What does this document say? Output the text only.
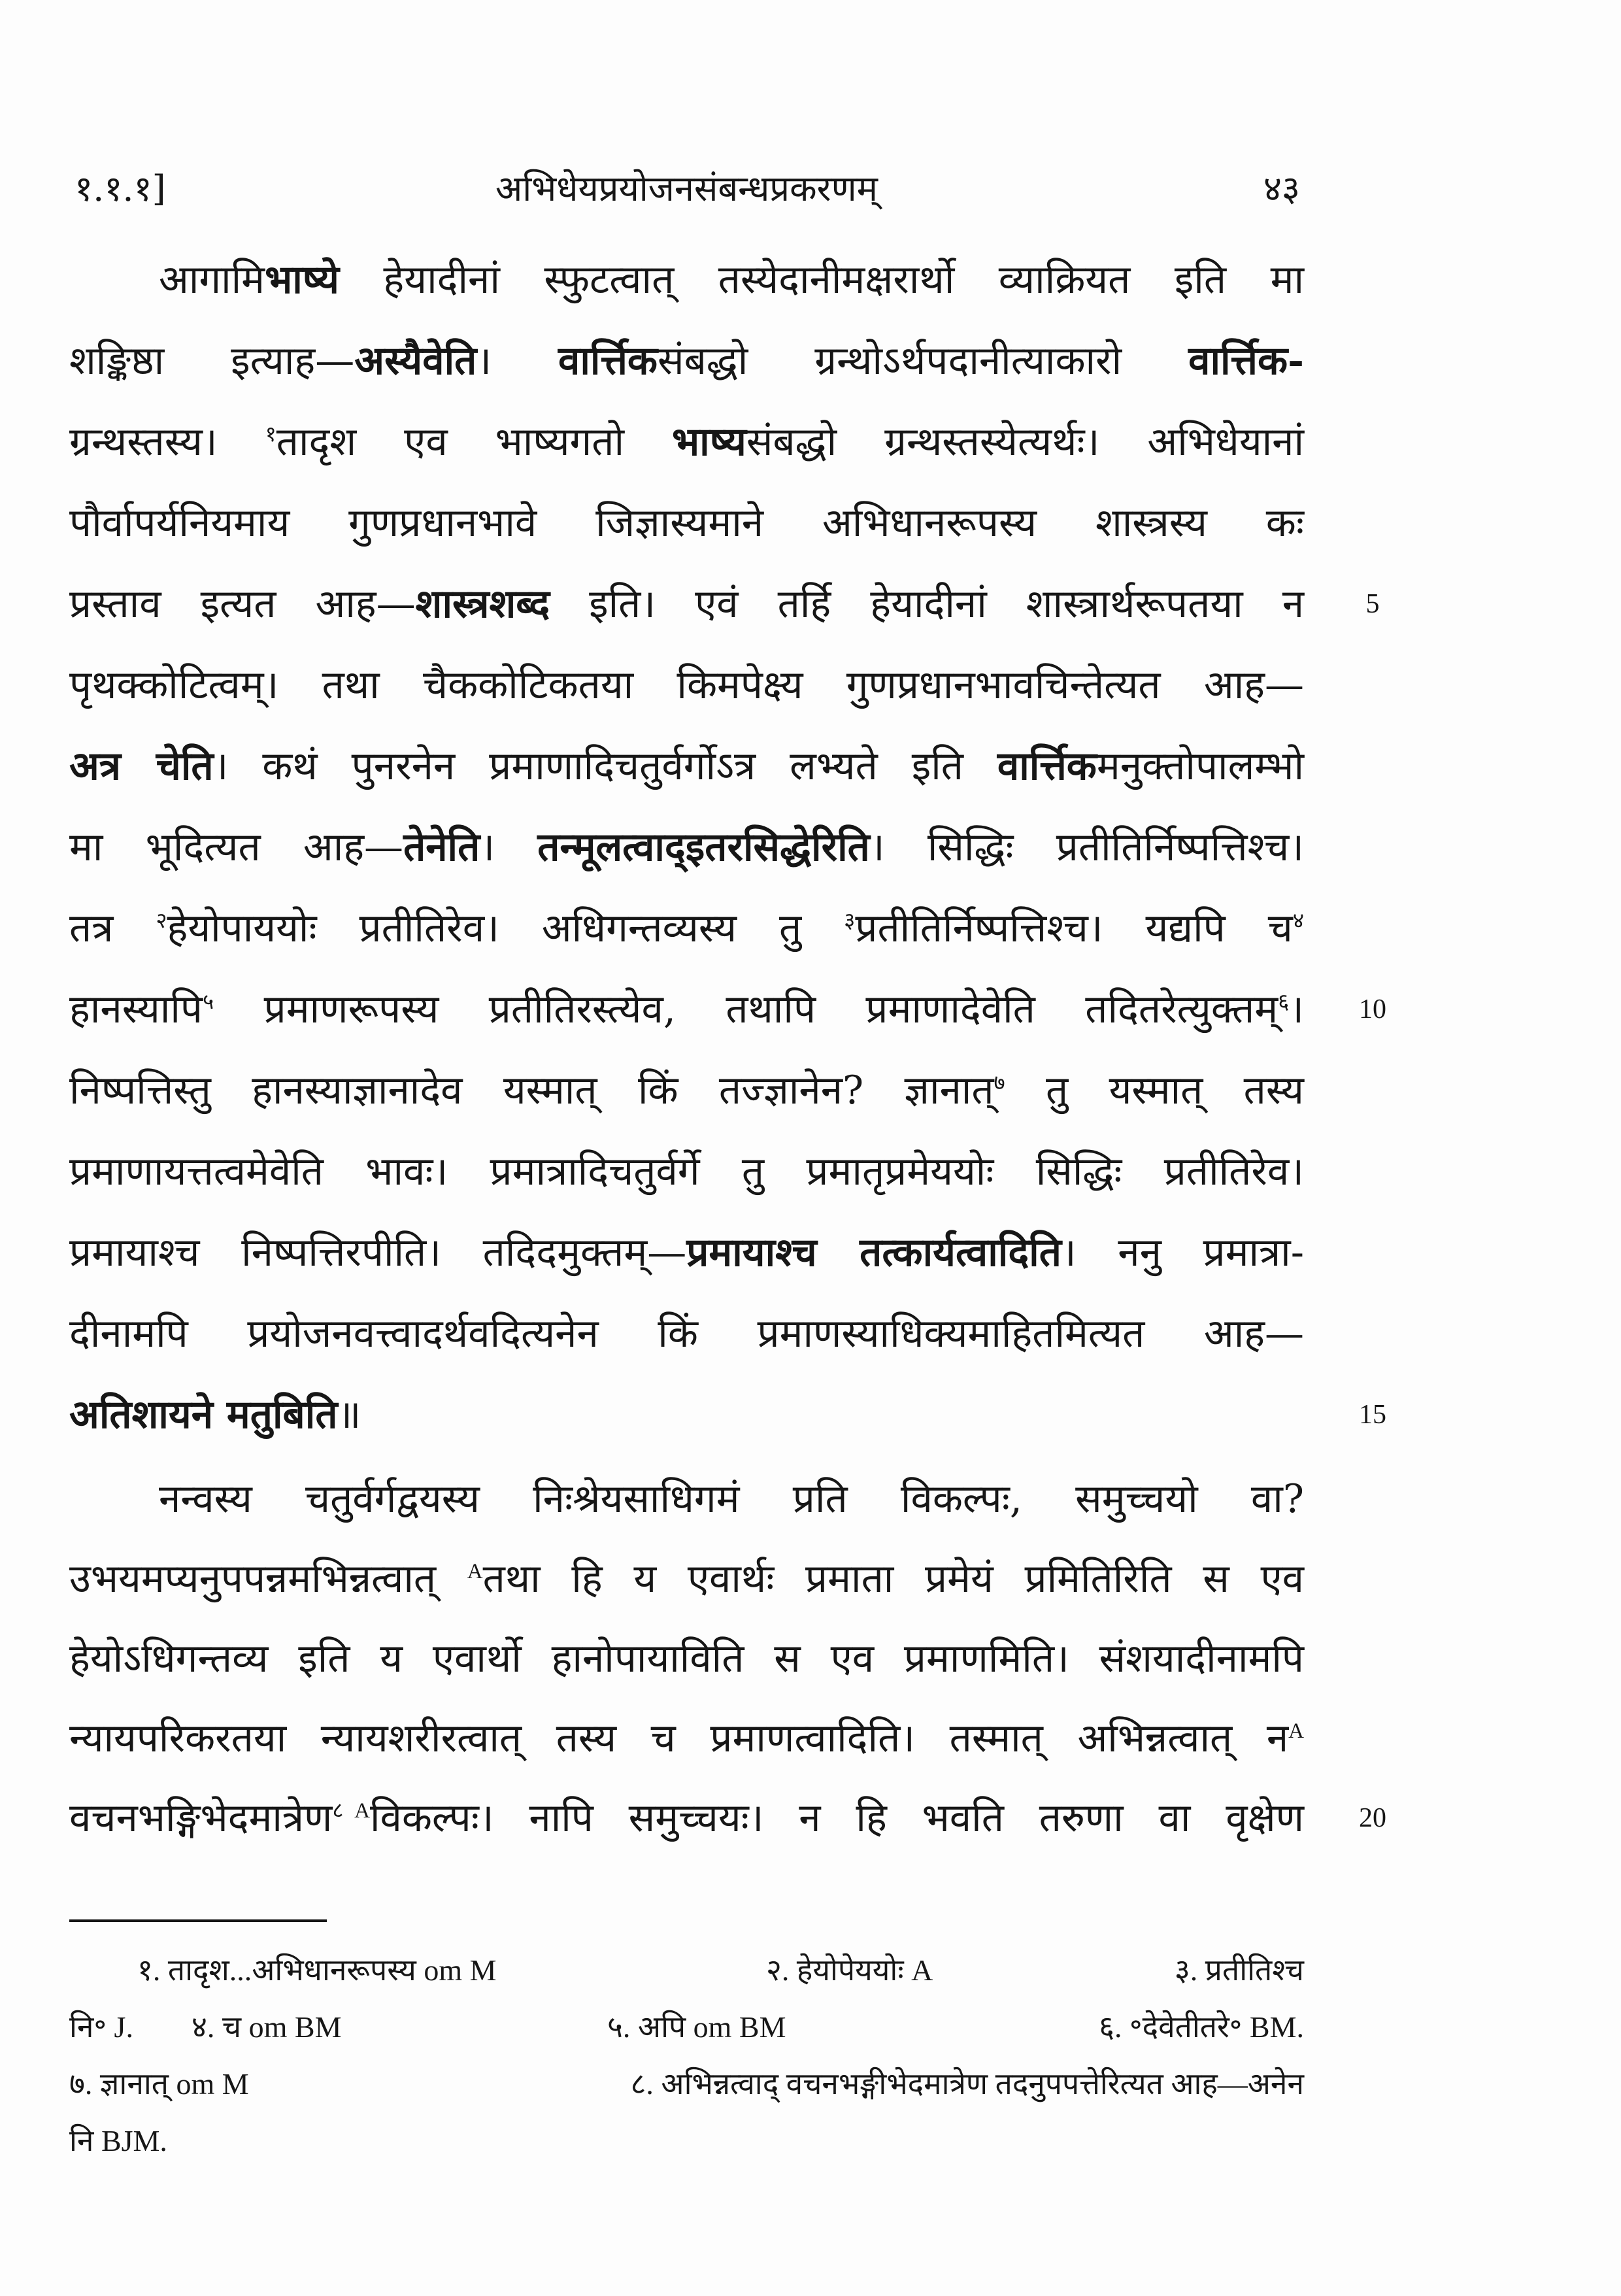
१.१.१]	अभिधेयप्रयोजनसंबन्धप्रकरणम्	४३
आगामिभाष्ये हेयादीनां स्फुटत्वात् तस्येदानीमक्षरार्थो व्याक्रियत इति मा
शङ्किष्ठा इत्याह—अस्यैवेति। वार्त्तिकसंबद्धो ग्रन्थोऽर्थपदानीत्याकारो वार्त्तिक-
ग्रन्थस्तस्य। $^१$तादृश एव भाष्यगतो भाष्यसंबद्धो ग्रन्थस्तस्येत्यर्थः। अभिधेयानां
पौर्वापर्यनियमाय गुणप्रधानभावे जिज्ञास्यमाने अभिधानरूपस्य शास्त्रस्य कः
प्रस्ताव इत्यत आह—शास्त्रशब्द इति। एवं तर्हि हेयादीनां शास्त्रार्थरूपतया न	5
पृथक्कोटित्वम्। तथा चैककोटिकतया किमपेक्ष्य गुणप्रधानभावचिन्तेत्यत आह—
अत्र चेति। कथं पुनरनेन प्रमाणादिचतुर्वर्गोऽत्र लभ्यते इति वार्त्तिकमनुक्तोपालम्भो
मा भूदित्यत आह—तेनेति। तन्मूलत्वाद्इतरसिद्धेरिति। सिद्धिः प्रतीतिर्निष्पत्तिश्च।
तत्र $^२$हेयोपाययोः प्रतीतिरेव। अधिगन्तव्यस्य तु $^३$प्रतीतिर्निष्पत्तिश्च। यद्यपि च$^४$
हानस्यापि$^५$ प्रमाणरूपस्य प्रतीतिरस्त्येव, तथापि प्रमाणादेवेति तदितरेत्युक्तम्$^६$। 10
निष्पत्तिस्तु हानस्याज्ञानादेव यस्मात् किं तज्ज्ञानेन? ज्ञानात्$^७$ तु यस्मात् तस्य
प्रमाणायत्तत्वमेवेति भावः। प्रमात्रादिचतुर्वर्गे तु प्रमातृप्रमेययोः सिद्धिः प्रतीतिरेव।
प्रमायाश्च निष्पत्तिरपीति। तदिदमुक्तम्—प्रमायाश्च तत्कार्यत्वादिति। ननु प्रमात्रा-
दीनामपि प्रयोजनवत्त्वादर्थवदित्यनेन किं प्रमाणस्याधिक्यमाहितमित्यत आह—
अतिशायने मतुबिति॥	15
नन्वस्य चतुर्वर्गद्वयस्य निःश्रेयसाधिगमं प्रति विकल्पः, समुच्चयो वा?
उभयमप्यनुपपन्नमभिन्नत्वात् $^A$तथा हि य एवार्थः प्रमाता प्रमेयं प्रमितिरिति स एव
हेयोऽधिगन्तव्य इति य एवार्थो हानोपायाविति स एव प्रमाणमिति। संशयादीनामपि
न्यायपरिकरतया न्यायशरीरत्वात् तस्य च प्रमाणत्वादिति। तस्मात् अभिन्नत्वात् न$^A$
वचनभङ्गिभेदमात्रेण$^८$ $^A$विकल्पः। नापि समुच्चयः। न हि भवति तरुणा वा वृक्षेण 20
१. तादृश...अभिधानरूपस्य om M	२. हेयोपेययोः A	३. प्रतीतिश्च
नि॰ J. ४. च om BM	५. अपि om BM	६. ॰देवेतीतरे॰ BM.
७. ज्ञानात् om M	८. अभिन्नत्वाद् वचनभङ्गीभेदमात्रेण तदनुपपत्तेरित्यत आह—अनेन
नि BJM.
